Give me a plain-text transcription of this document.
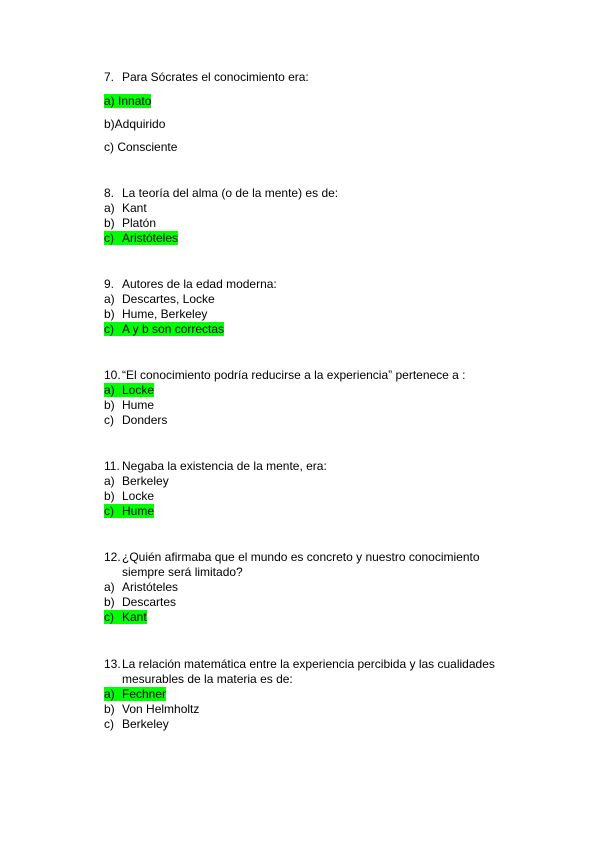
7. Para Sócrates el conocimiento era:
a) Innato
b)Adquirido
c) Consciente
8. La teoría del alma (o de la mente) es de:
a) Kant
b) Platón
c) Aristóteles
9. Autores de la edad moderna:
a) Descartes, Locke
b) Hume, Berkeley
c) A y b son correctas
10.“El conocimiento podría reducirse a la experiencia” pertenece a :
a) Locke
b) Hume
c) Donders
11. Negaba la existencia de la mente, era:
a) Berkeley
b) Locke
c) Hume
12.¿Quién afirmaba que el mundo es concreto y nuestro conocimiento
siempre será limitado?
a) Aristóteles
b) Descartes
c) Kant
13.La relación matemática entre la experiencia percibida y las cualidades
mesurables de la materia es de:
a) Fechner
b) Von Helmholtz
c) Berkeley
